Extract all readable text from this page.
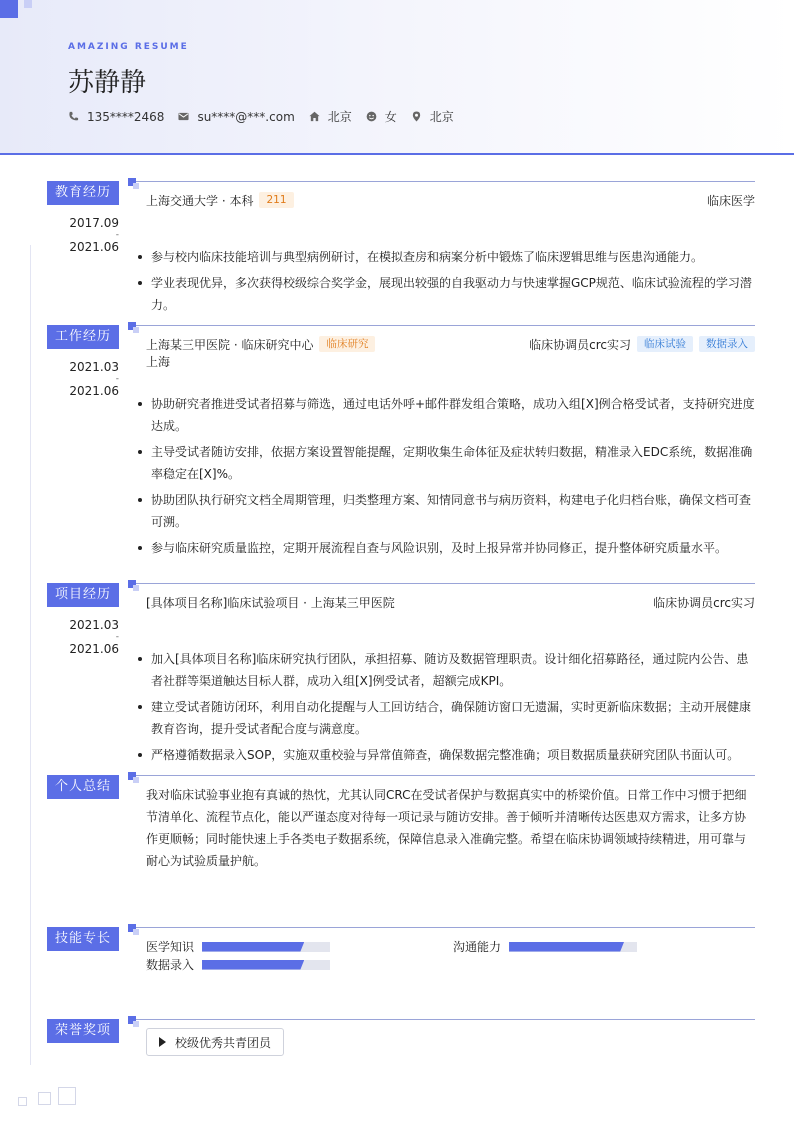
AMAZING RESUME
苏静静
135****2468	su****@***.com	北京	女	北京
教育经历
2017.09
-
2021.06
上海交通大学 · 本科	211	临床医学
参与校内临床技能培训与典型病例研讨，在模拟查房和病案分析中锻炼了临床逻辑思维与医患沟通能力。
学业表现优异，多次获得校级综合奖学金，展现出较强的自我驱动力与快速掌握GCP规范、临床试验流程的学习潜力。
工作经历
2021.03
-
2021.06
上海某三甲医院 · 临床研究中心	临床研究	临床协调员crc实习	临床试验	数据录入
上海
协助研究者推进受试者招募与筛选，通过电话外呼+邮件群发组合策略，成功入组[X]例合格受试者，支持研究进度达成。
主导受试者随访安排，依据方案设置智能提醒，定期收集生命体征及症状转归数据，精准录入EDC系统，数据准确率稳定在[X]%。
协助团队执行研究文档全周期管理，归类整理方案、知情同意书与病历资料，构建电子化归档台账，确保文档可查可溯。
参与临床研究质量监控，定期开展流程自查与风险识别，及时上报异常并协同修正，提升整体研究质量水平。
项目经历
2021.03
-
2021.06
[具体项目名称]临床试验项目 · 上海某三甲医院	临床协调员crc实习
加入[具体项目名称]临床研究执行团队，承担招募、随访及数据管理职责。设计细化招募路径，通过院内公告、患者社群等渠道触达目标人群，成功入组[X]例受试者，超额完成KPI。
建立受试者随访闭环，利用自动化提醒与人工回访结合，确保随访窗口无遗漏，实时更新临床数据；主动开展健康教育咨询，提升受试者配合度与满意度。
严格遵循数据录入SOP，实施双重校验与异常值筛查，确保数据完整准确；项目数据质量获研究团队书面认可。
个人总结
我对临床试验事业抱有真诚的热忱，尤其认同CRC在受试者保护与数据真实中的桥梁价值。日常工作中习惯于把细节清单化、流程节点化，能以严谨态度对待每一项记录与随访安排。善于倾听并清晰传达医患双方需求，让多方协作更顺畅；同时能快速上手各类电子数据系统，保障信息录入准确完整。希望在临床协调领域持续精进，用可靠与耐心为试验质量护航。
技能专长
医学知识	沟通能力
数据录入
荣誉奖项
校级优秀共青团员
